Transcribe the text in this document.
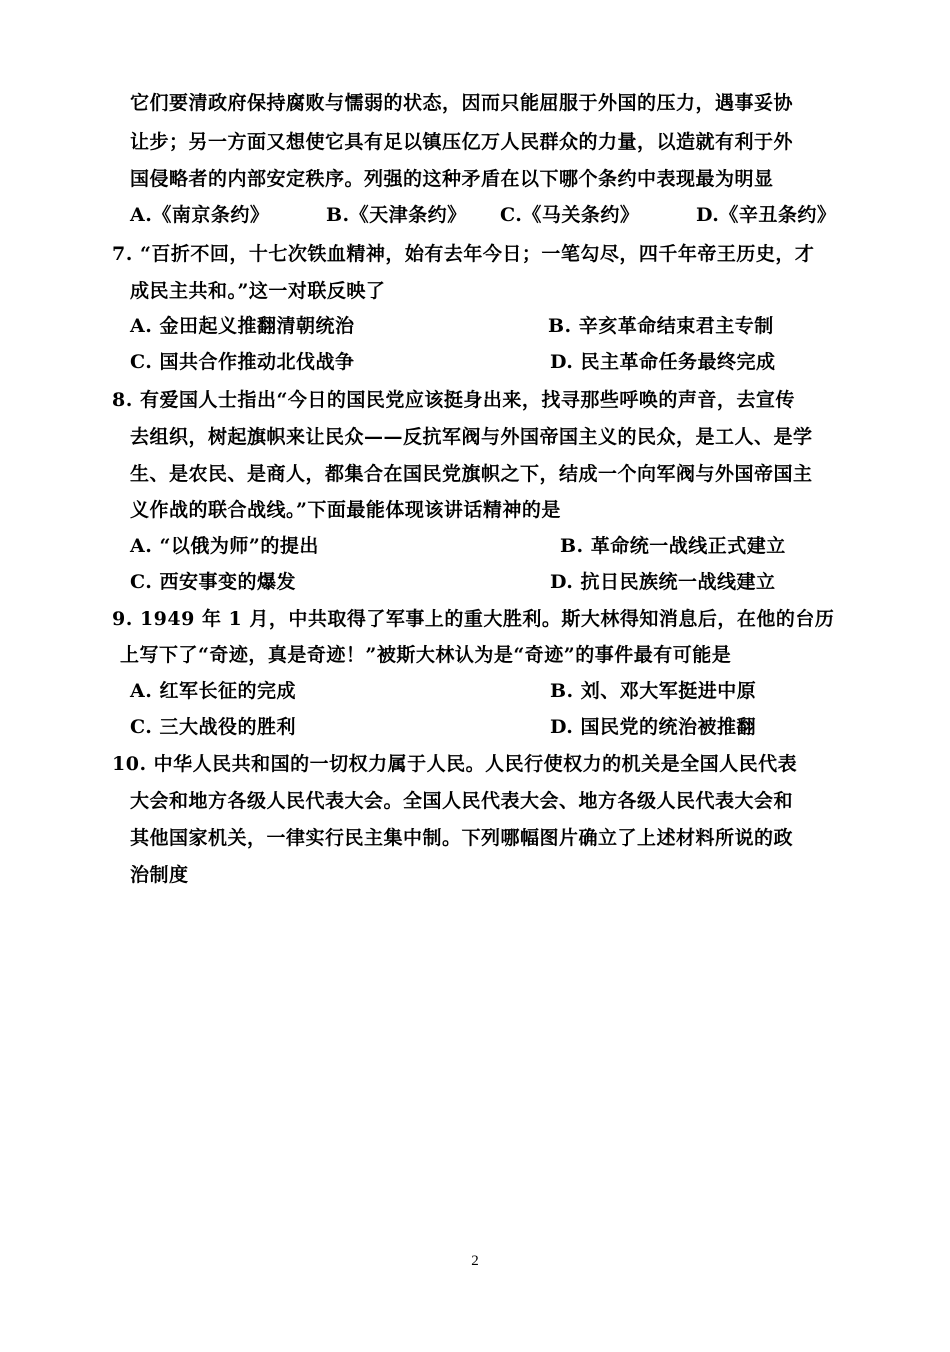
它们要清政府保持腐败与懦弱的状态，因而只能屈服于外国的压力，遇事妥协
让步；另一方面又想使它具有足以镇压亿万人民群众的力量，以造就有利于外
国侵略者的内部安定秩序。列强的这种矛盾在以下哪个条约中表现最为明显
A.《南京条约》	B.《天津条约》 C.《马关条约》	D.《辛丑条约》
7. “百折不回，十七次铁血精神，始有去年今日；一笔勾尽，四千年帝王历史，才
成民主共和。”这一对联反映了
A. 金田起义推翻清朝统治	B. 辛亥革命结束君主专制
C. 国共合作推动北伐战争	D. 民主革命任务最终完成
8. 有爱国人士指出“今日的国民党应该挺身出来，找寻那些呼唤的声音，去宣传
去组织，树起旗帜来让民众——反抗军阀与外国帝国主义的民众，是工人、是学
生、是农民、是商人，都集合在国民党旗帜之下，结成一个向军阀与外国帝国主
义作战的联合战线。”下面最能体现该讲话精神的是
A. “以俄为师”的提出	B. 革命统一战线正式建立
C. 西安事变的爆发	D. 抗日民族统一战线建立
9. 1949 年 1 月，中共取得了军事上的重大胜利。斯大林得知消息后，在他的台历
上写下了“奇迹，真是奇迹！”被斯大林认为是“奇迹”的事件最有可能是
A. 红军长征的完成	B. 刘、邓大军挺进中原
C. 三大战役的胜利	D. 国民党的统治被推翻
10. 中华人民共和国的一切权力属于人民。人民行使权力的机关是全国人民代表
大会和地方各级人民代表大会。全国人民代表大会、地方各级人民代表大会和
其他国家机关，一律实行民主集中制。下列哪幅图片确立了上述材料所说的政
治制度
2
